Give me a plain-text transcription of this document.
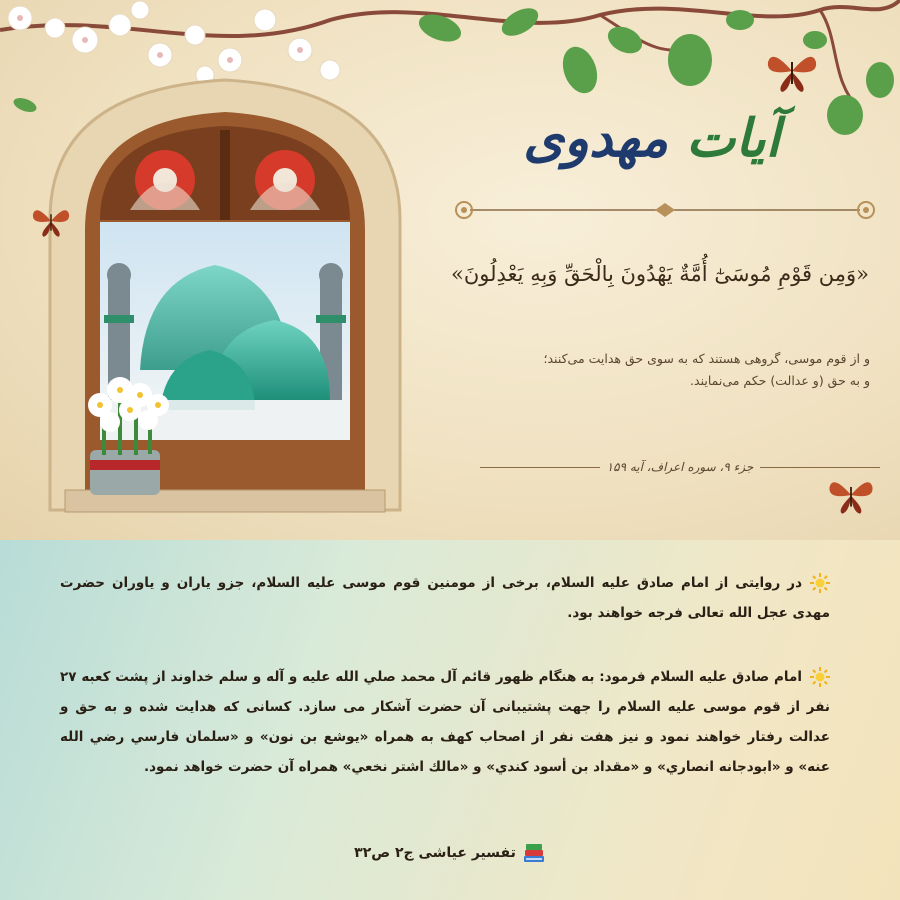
آیات مهدوی
«وَمِن قَوْمِ مُوسَىٰٓ أُمَّةٌ يَهْدُونَ بِالْحَقِّ وَبِهِ يَعْدِلُونَ»
و از قوم موسی، گروهی هستند که به سوی حق هدایت می‌کنند؛
و به حق (و عدالت) حکم می‌نمایند.
جزء ۹، سوره اعراف، آیه ۱۵۹
در روایتی از امام صادق علیه السلام، برخی از مومنین قوم موسی علیه السلام، جزو یاران و یاوران حضرت مهدی عجل الله تعالی فرجه خواهند بود.
امام صادق علیه السلام فرمود: به هنگام ظهور قائم آل محمد صلي الله عليه و آله و سلم خداوند از پشت کعبه ۲۷ نفر از قوم موسی علیه السلام را جهت پشتیبانی آن حضرت آشکار می سازد. کسانی که هدایت شده و به حق و عدالت رفتار خواهند نمود و نیز هفت نفر از اصحاب کهف به همراه «یوشع بن نون» و «سلمان فارسي رضي الله عنه» و «ابودجانه انصاري» و «مقداد بن أسود كندي» و «مالك اشتر نخعي» همراه آن حضرت خواهد نمود.
تفسیر عیاشی ج۲ ص۳۲
